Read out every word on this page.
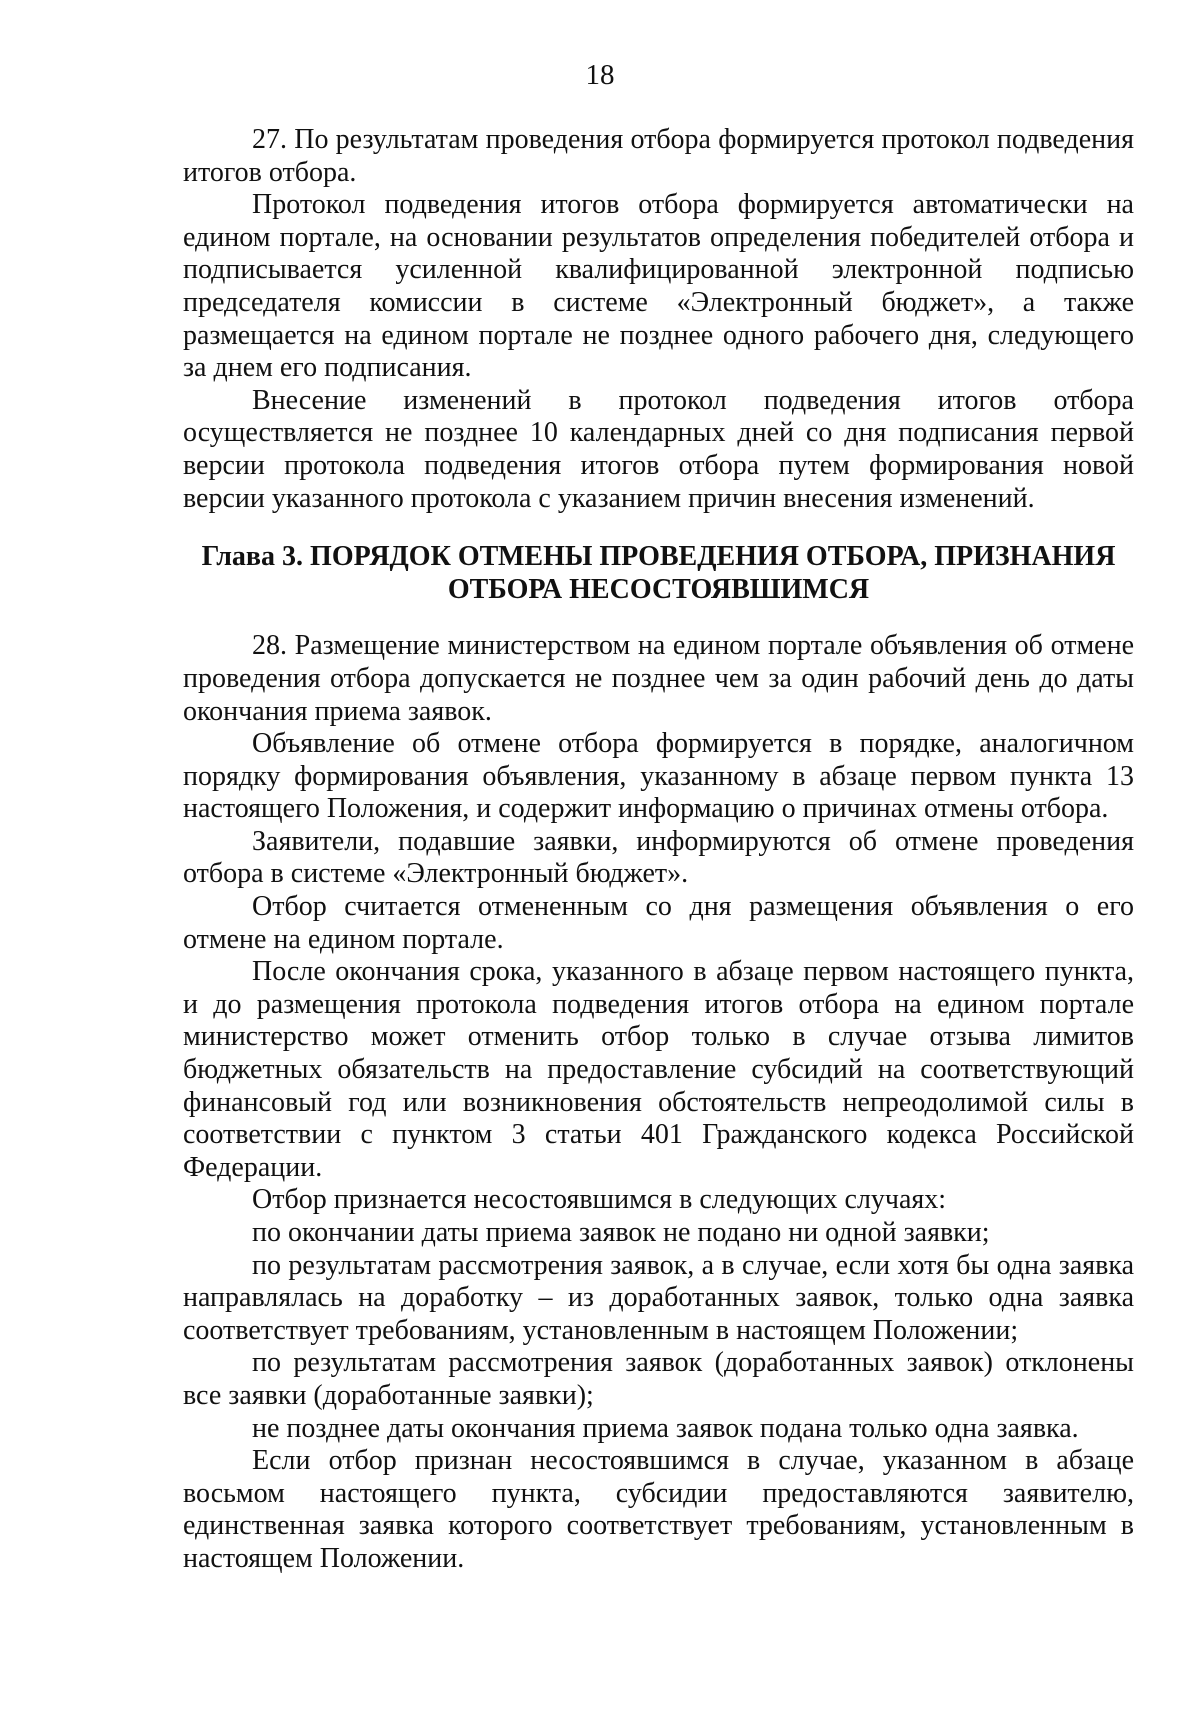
18

27. По результатам проведения отбора формируется протокол подведения итогов отбора.

Протокол подведения итогов отбора формируется автоматически на едином портале, на основании результатов определения победителей отбора и подписывается усиленной квалифицированной электронной подписью председателя комиссии в системе «Электронный бюджет», а также размещается на едином портале не позднее одного рабочего дня, следующего за днем его подписания.

Внесение изменений в протокол подведения итогов отбора осуществляется не позднее 10 календарных дней со дня подписания первой версии протокола подведения итогов отбора путем формирования новой версии указанного протокола с указанием причин внесения изменений.

Глава 3. ПОРЯДОК ОТМЕНЫ ПРОВЕДЕНИЯ ОТБОРА, ПРИЗНАНИЯ
ОТБОРА НЕСОСТОЯВШИМСЯ

28. Размещение министерством на едином портале объявления об отмене проведения отбора допускается не позднее чем за один рабочий день до даты окончания приема заявок.

Объявление об отмене отбора формируется в порядке, аналогичном порядку формирования объявления, указанному в абзаце первом пункта 13 настоящего Положения, и содержит информацию о причинах отмены отбора.

Заявители, подавшие заявки, информируются об отмене проведения отбора в системе «Электронный бюджет».

Отбор считается отмененным со дня размещения объявления о его отмене на едином портале.

После окончания срока, указанного в абзаце первом настоящего пункта, и до размещения протокола подведения итогов отбора на едином портале министерство может отменить отбор только в случае отзыва лимитов бюджетных обязательств на предоставление субсидий на соответствующий финансовый год или возникновения обстоятельств непреодолимой силы в соответствии с пунктом 3 статьи 401 Гражданского кодекса Российской Федерации.

Отбор признается несостоявшимся в следующих случаях:

по окончании даты приема заявок не подано ни одной заявки;

по результатам рассмотрения заявок, а в случае, если хотя бы одна заявка направлялась на доработку – из доработанных заявок, только одна заявка соответствует требованиям, установленным в настоящем Положении;

по результатам рассмотрения заявок (доработанных заявок) отклонены все заявки (доработанные заявки);

не позднее даты окончания приема заявок подана только одна заявка.

Если отбор признан несостоявшимся в случае, указанном в абзаце восьмом настоящего пункта, субсидии предоставляются заявителю, единственная заявка которого соответствует требованиям, установленным в настоящем Положении.
